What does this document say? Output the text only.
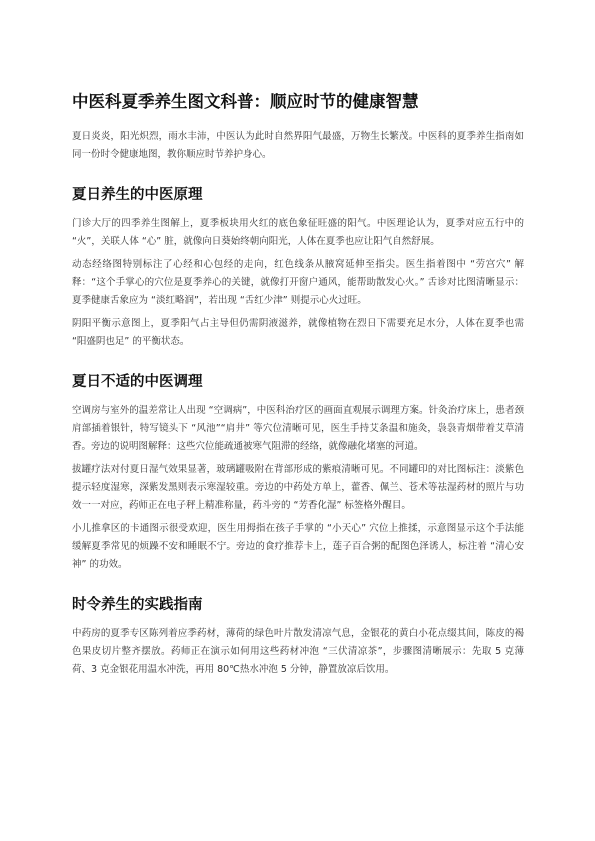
中医科夏季养生图文科普：顺应时节的健康智慧

夏日炎炎，阳光炽烈，雨水丰沛，中医认为此时自然界阳气最盛，万物生长繁茂。中医科的夏季养生指南如同一份时令健康地图，教你顺应时节养护身心。

夏日养生的中医原理

门诊大厅的四季养生图解上，夏季板块用火红的底色象征旺盛的阳气。中医理论认为，夏季对应五行中的 “火”，关联人体 “心” 脏，就像向日葵始终朝向阳光，人体在夏季也应让阳气自然舒展。

动态经络图特别标注了心经和心包经的走向，红色线条从腋窝延伸至指尖。医生指着图中 “劳宫穴” 解释：“这个手掌心的穴位是夏季养心的关键，就像打开窗户通风，能帮助散发心火。” 舌诊对比图清晰显示：夏季健康舌象应为 “淡红略润”，若出现 “舌红少津” 则提示心火过旺。

阴阳平衡示意图上，夏季阳气占主导但仍需阴液滋养，就像植物在烈日下需要充足水分，人体在夏季也需 “阳盛阴也足” 的平衡状态。

夏日不适的中医调理

空调房与室外的温差常让人出现 “空调病”，中医科治疗区的画面直观展示调理方案。针灸治疗床上，患者颈肩部插着银针，特写镜头下 “风池”“肩井” 等穴位清晰可见，医生手持艾条温和施灸，袅袅青烟带着艾草清香。旁边的说明图解释：这些穴位能疏通被寒气阻滞的经络，就像融化堵塞的河道。

拔罐疗法对付夏日湿气效果显著，玻璃罐吸附在背部形成的紫痕清晰可见。不同罐印的对比图标注：淡紫色提示轻度湿寒，深紫发黑则表示寒湿较重。旁边的中药处方单上，藿香、佩兰、苍术等祛湿药材的照片与功效一一对应，药师正在电子秤上精准称量，药斗旁的 “芳香化湿” 标签格外醒目。

小儿推拿区的卡通图示很受欢迎，医生用拇指在孩子手掌的 “小天心” 穴位上推揉，示意图显示这个手法能缓解夏季常见的烦躁不安和睡眠不宁。旁边的食疗推荐卡上，莲子百合粥的配图色泽诱人，标注着 “清心安神” 的功效。

时令养生的实践指南

中药房的夏季专区陈列着应季药材，薄荷的绿色叶片散发清凉气息，金银花的黄白小花点缀其间，陈皮的褐色果皮切片整齐摆放。药师正在演示如何用这些药材冲泡 “三伏清凉茶”，步骤图清晰展示：先取 5 克薄荷、3 克金银花用温水冲洗，再用 80℃热水冲泡 5 分钟，静置放凉后饮用。
